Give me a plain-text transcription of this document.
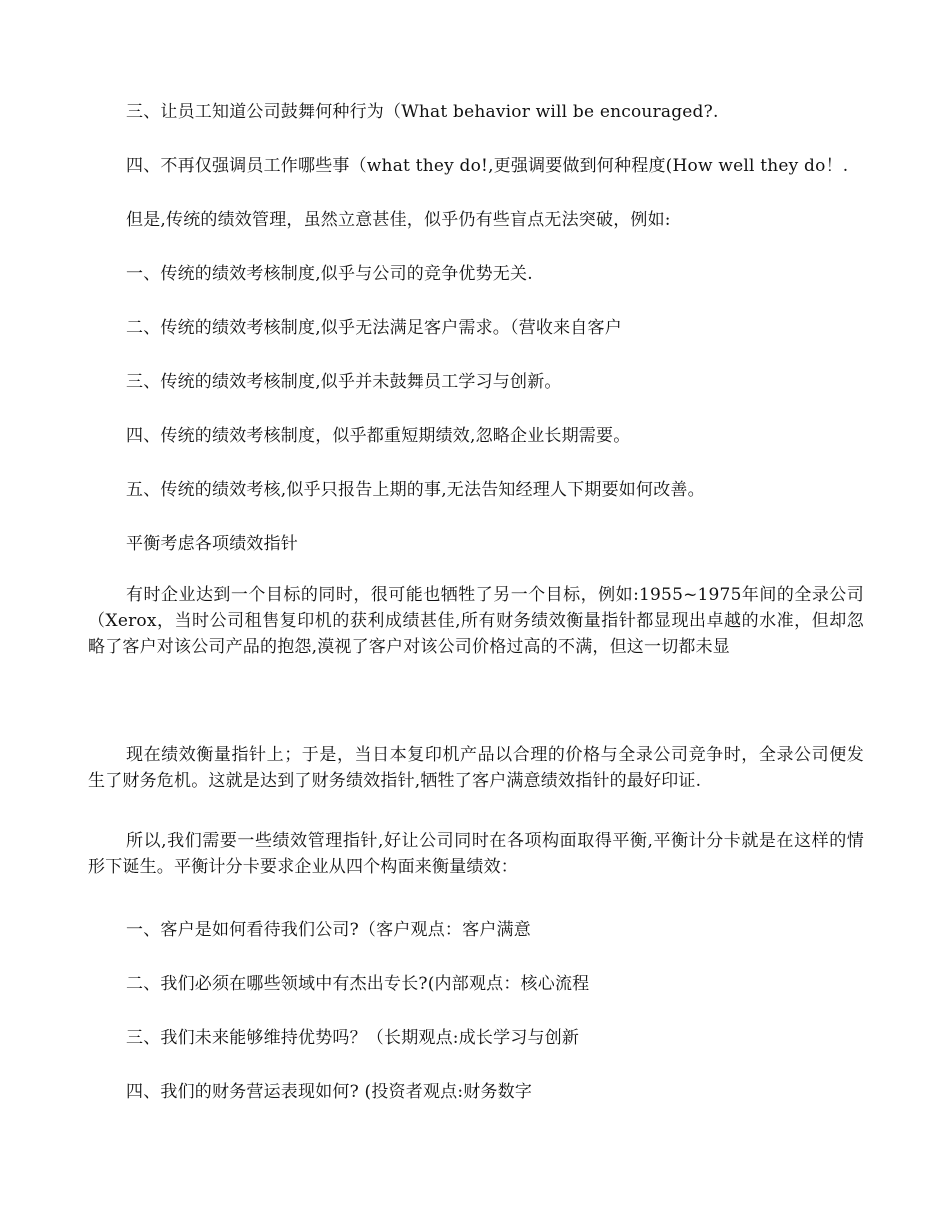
三、让员工知道公司鼓舞何种行为（What behavior will be encouraged?.

四、不再仅强调员工作哪些事（what they do!,更强调要做到何种程度(How well they do！.

但是,传统的绩效管理，虽然立意甚佳，似乎仍有些盲点无法突破，例如:

一、传统的绩效考核制度,似乎与公司的竞争优势无关.

二、传统的绩效考核制度,似乎无法满足客户需求。（营收来自客户

三、传统的绩效考核制度,似乎并未鼓舞员工学习与创新。

四、传统的绩效考核制度，似乎都重短期绩效,忽略企业长期需要。

五、传统的绩效考核,似乎只报告上期的事,无法告知经理人下期要如何改善。

平衡考虑各项绩效指针

有时企业达到一个目标的同时，很可能也牺牲了另一个目标，例如:1955~1975年间的全录公司（Xerox，当时公司租售复印机的获利成绩甚佳,所有财务绩效衡量指针都显现出卓越的水准，但却忽略了客户对该公司产品的抱怨,漠视了客户对该公司价格过高的不满，但这一切都未显

现在绩效衡量指针上；于是，当日本复印机产品以合理的价格与全录公司竞争时，全录公司便发生了财务危机。这就是达到了财务绩效指针,牺牲了客户满意绩效指针的最好印证.

所以,我们需要一些绩效管理指针,好让公司同时在各项构面取得平衡,平衡计分卡就是在这样的情形下诞生。平衡计分卡要求企业从四个构面来衡量绩效：

一、客户是如何看待我们公司?（客户观点：客户满意

二、我们必须在哪些领域中有杰出专长?(内部观点：核心流程

三、我们未来能够维持优势吗？（长期观点:成长学习与创新

四、我们的财务营运表现如何? (投资者观点:财务数字
